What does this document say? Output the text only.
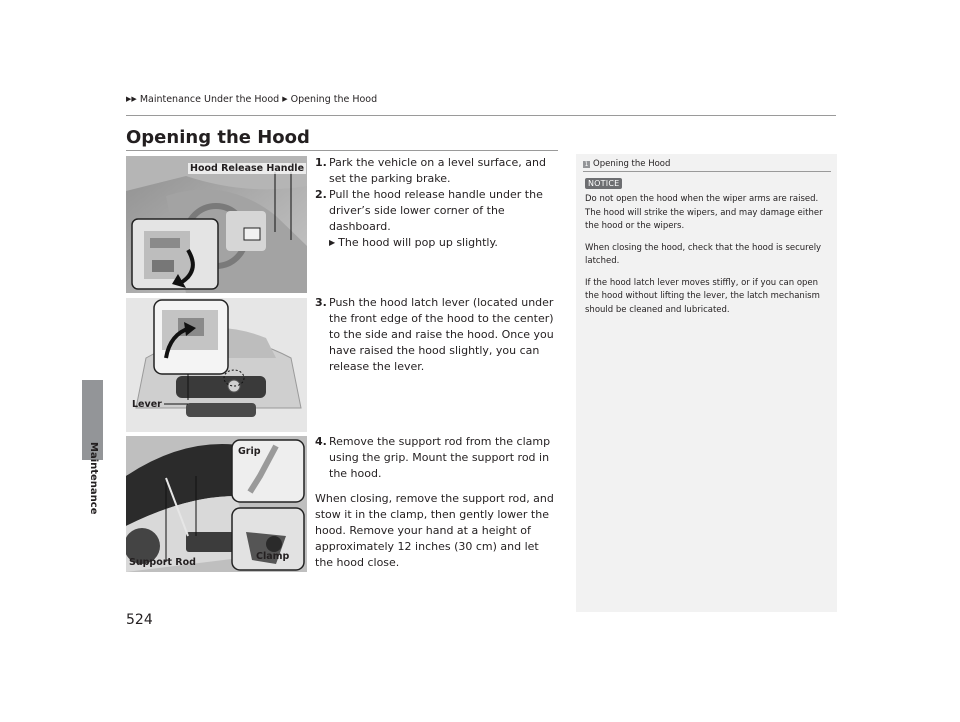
▶▶ Maintenance Under the Hood ▶ Opening the Hood
Maintenance
Opening the Hood
Hood Release Handle
Lever
Grip
Clamp
Support Rod

1. Park the vehicle on a level surface, and set the parking brake.

2. Pull the hood release handle under the driver’s side lower corner of the dashboard.

▶ The hood will pop up slightly.

3. Push the hood latch lever (located under the front edge of the hood to the center) to the side and raise the hood. Once you have raised the hood slightly, you can release the lever.

4. Remove the support rod from the clamp using the grip. Mount the support rod in the hood.

When closing, remove the support rod, and stow it in the clamp, then gently lower the hood. Remove your hand at a height of approximately 12 inches (30 cm) and let the hood close.

1 Opening the Hood
NOTICE

Do not open the hood when the wiper arms are raised.

The hood will strike the wipers, and may damage either the hood or the wipers.

When closing the hood, check that the hood is securely latched.

If the hood latch lever moves stiffly, or if you can open the hood without lifting the lever, the latch mechanism should be cleaned and lubricated.

524
